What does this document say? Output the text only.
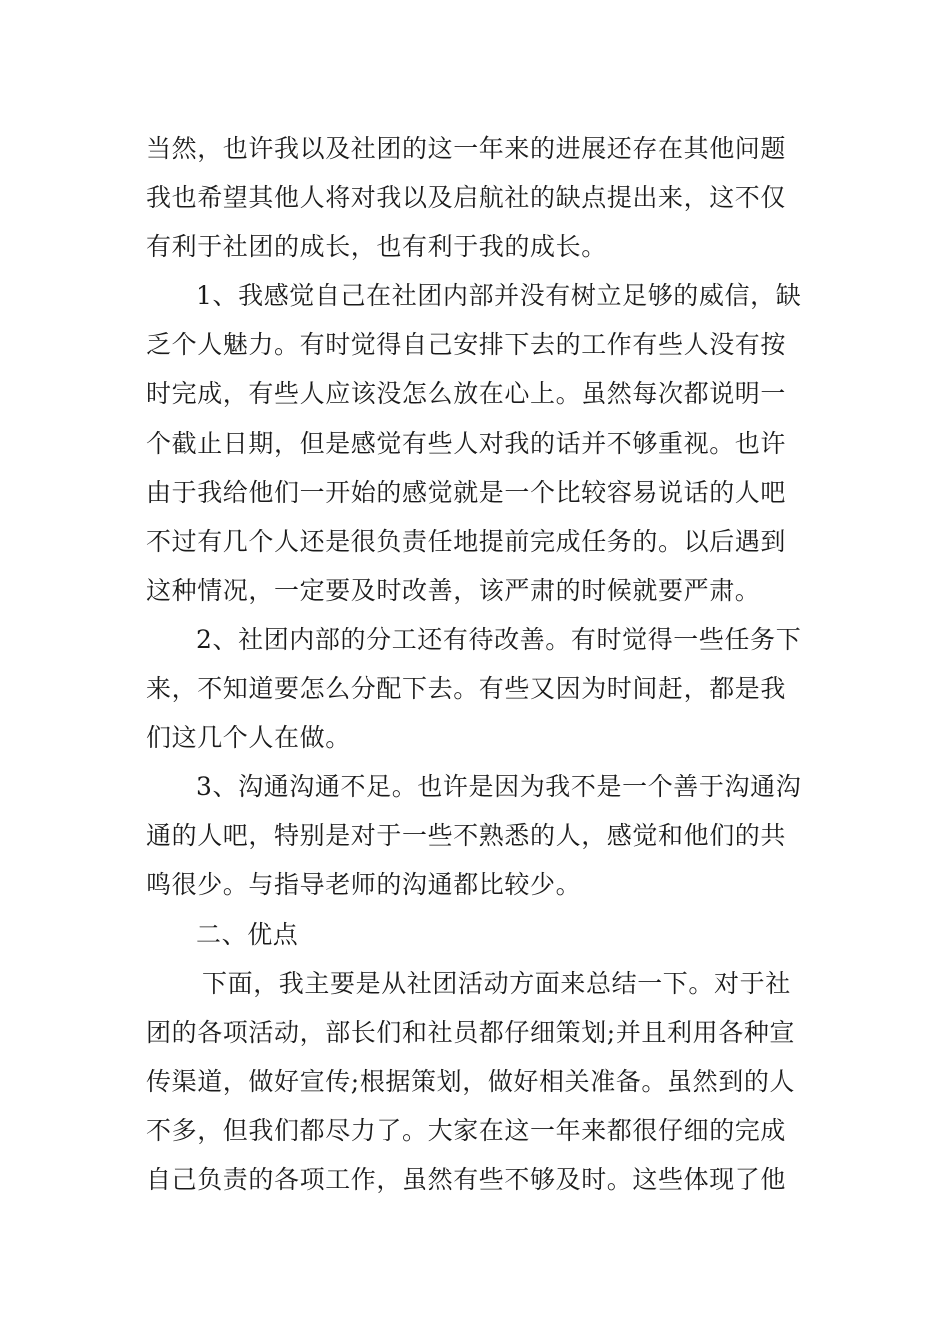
当然，也许我以及社团的这一年来的进展还存在其他问题
我也希望其他人将对我以及启航社的缺点提出来，这不仅
有利于社团的成长，也有利于我的成长。
1、我感觉自己在社团内部并没有树立足够的威信，缺
乏个人魅力。有时觉得自己安排下去的工作有些人没有按
时完成，有些人应该没怎么放在心上。虽然每次都说明一
个截止日期，但是感觉有些人对我的话并不够重视。也许
由于我给他们一开始的感觉就是一个比较容易说话的人吧
不过有几个人还是很负责任地提前完成任务的。以后遇到
这种情况，一定要及时改善，该严肃的时候就要严肃。
2、社团内部的分工还有待改善。有时觉得一些任务下
来，不知道要怎么分配下去。有些又因为时间赶，都是我
们这几个人在做。
3、沟通沟通不足。也许是因为我不是一个善于沟通沟
通的人吧，特别是对于一些不熟悉的人，感觉和他们的共
鸣很少。与指导老师的沟通都比较少。
二、优点
下面，我主要是从社团活动方面来总结一下。对于社
团的各项活动，部长们和社员都仔细策划;并且利用各种宣
传渠道，做好宣传;根据策划，做好相关准备。虽然到的人
不多，但我们都尽力了。大家在这一年来都很仔细的完成
自己负责的各项工作，虽然有些不够及时。这些体现了他
